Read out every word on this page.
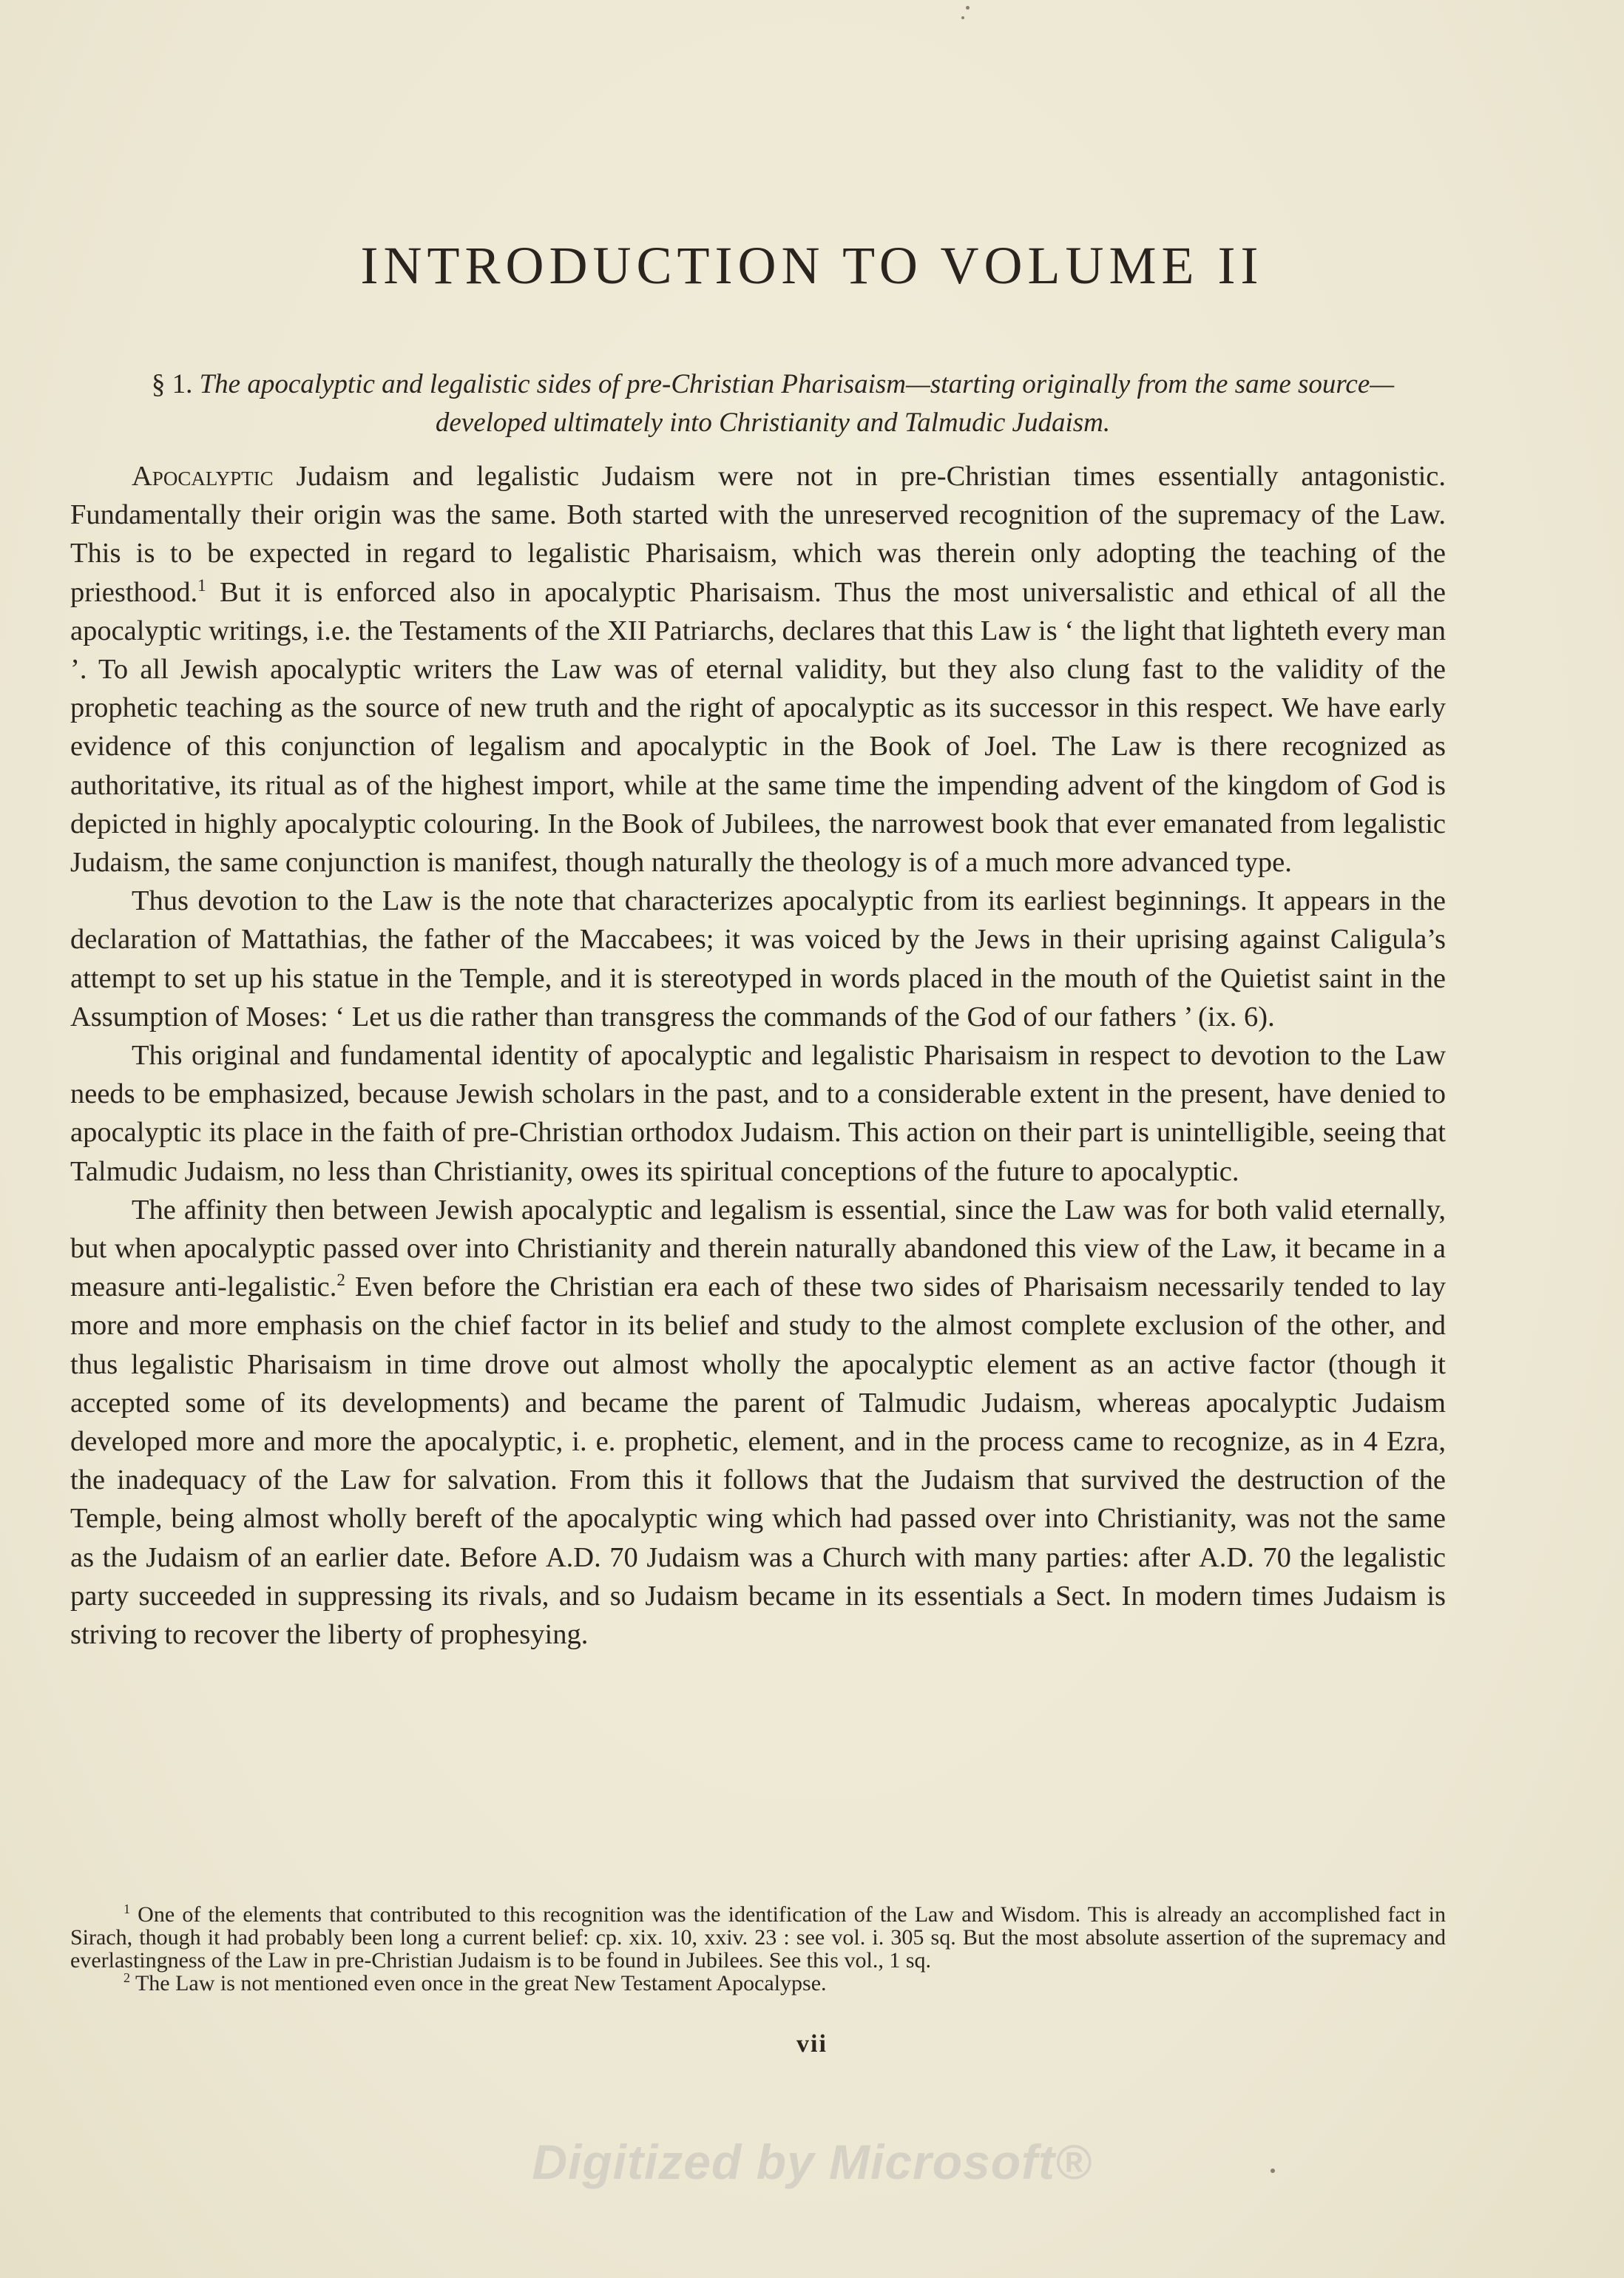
INTRODUCTION TO VOLUME II
§ 1. The apocalyptic and legalistic sides of pre-Christian Pharisaism—starting originally from the same source—developed ultimately into Christianity and Talmudic Judaism.

Apocalyptic Judaism and legalistic Judaism were not in pre-Christian times essentially antagonistic. Fundamentally their origin was the same. Both started with the unreserved recognition of the supremacy of the Law. This is to be expected in regard to legalistic Pharisaism, which was therein only adopting the teaching of the priesthood.$^1$ But it is enforced also in apocalyptic Pharisaism. Thus the most universalistic and ethical of all the apocalyptic writings, i.e. the Testaments of the XII Patriarchs, declares that this Law is ‘ the light that lighteth every man ’. To all Jewish apocalyptic writers the Law was of eternal validity, but they also clung fast to the validity of the prophetic teaching as the source of new truth and the right of apocalyptic as its successor in this respect. We have early evidence of this conjunction of legalism and apocalyptic in the Book of Joel. The Law is there recognized as authoritative, its ritual as of the highest import, while at the same time the impending advent of the kingdom of God is depicted in highly apocalyptic colouring. In the Book of Jubilees, the narrowest book that ever emanated from legalistic Judaism, the same conjunction is manifest, though naturally the theology is of a much more advanced type.

Thus devotion to the Law is the note that characterizes apocalyptic from its earliest beginnings. It appears in the declaration of Mattathias, the father of the Maccabees; it was voiced by the Jews in their uprising against Caligula’s attempt to set up his statue in the Temple, and it is stereotyped in words placed in the mouth of the Quietist saint in the Assumption of Moses: ‘ Let us die rather than transgress the commands of the God of our fathers ’ (ix. 6).

This original and fundamental identity of apocalyptic and legalistic Pharisaism in respect to devotion to the Law needs to be emphasized, because Jewish scholars in the past, and to a considerable extent in the present, have denied to apocalyptic its place in the faith of pre-Christian orthodox Judaism. This action on their part is unintelligible, seeing that Talmudic Judaism, no less than Christianity, owes its spiritual conceptions of the future to apocalyptic.

The affinity then between Jewish apocalyptic and legalism is essential, since the Law was for both valid eternally, but when apocalyptic passed over into Christianity and therein naturally abandoned this view of the Law, it became in a measure anti-legalistic.$^2$ Even before the Christian era each of these two sides of Pharisaism necessarily tended to lay more and more emphasis on the chief factor in its belief and study to the almost complete exclusion of the other, and thus legalistic Pharisaism in time drove out almost wholly the apocalyptic element as an active factor (though it accepted some of its developments) and became the parent of Talmudic Judaism, whereas apocalyptic Judaism developed more and more the apocalyptic, i. e. prophetic, element, and in the process came to recognize, as in 4 Ezra, the inadequacy of the Law for salvation. From this it follows that the Judaism that survived the destruction of the Temple, being almost wholly bereft of the apocalyptic wing which had passed over into Christianity, was not the same as the Judaism of an earlier date. Before A.D. 70 Judaism was a Church with many parties: after A.D. 70 the legalistic party succeeded in suppressing its rivals, and so Judaism became in its essentials a Sect. In modern times Judaism is striving to recover the liberty of prophesying.

$^1$ One of the elements that contributed to this recognition was the identification of the Law and Wisdom. This is already an accomplished fact in Sirach, though it had probably been long a current belief: cp. xix. 10, xxiv. 23 : see vol. i. 305 sq. But the most absolute assertion of the supremacy and everlastingness of the Law in pre-Christian Judaism is to be found in Jubilees. See this vol., 1 sq.

$^2$ The Law is not mentioned even once in the great New Testament Apocalypse.

vii
Digitized by Microsoft®
